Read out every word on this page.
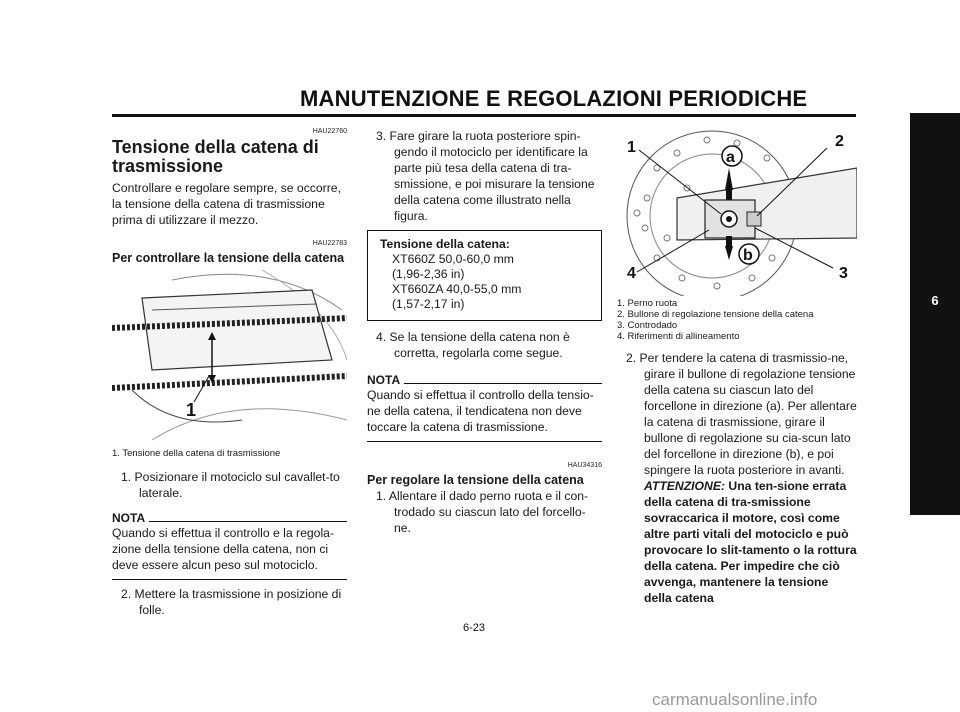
MANUTENZIONE E REGOLAZIONI PERIODICHE
6
HAU22760
Tensione della catena di trasmissione
Controllare e regolare sempre, se occorre, la tensione della catena di trasmissione prima di utilizzare il mezzo.
HAU22783
Per controllare la tensione della catena
1
1. Tensione della catena di trasmissione
1. Posizionare il motociclo sul cavallet-to laterale.
NOTA
Quando si effettua il controllo e la regola-zione della tensione della catena, non ci deve essere alcun peso sul motociclo.
2. Mettere la trasmissione in posizione di folle.
3. Fare girare la ruota posteriore spin-gendo il motociclo per identificare la parte più tesa della catena di tra-smissione, e poi misurare la tensione della catena come illustrato nella figura.
Tensione della catena:
XT660Z 50,0-60,0 mm
(1,96-2,36 in)
XT660ZA 40,0-55,0 mm
(1,57-2,17 in)
4. Se la tensione della catena non è corretta, regolarla come segue.
NOTA
Quando si effettua il controllo della tensio-ne della catena, il tendicatena non deve toccare la catena di trasmissione.
HAU34316
Per regolare la tensione della catena
1. Allentare il dado perno ruota e il con-trodado su ciascun lato del forcello-ne.
a
b
1	2
3
4
1. Perno ruota
2. Bullone di regolazione tensione della catena
3. Controdado
4. Riferimenti di allineamento
2. Per tendere la catena di trasmissio-ne, girare il bullone di regolazione tensione della catena su ciascun lato del forcellone in direzione (a). Per allentare la catena di trasmissione, girare il bullone di regolazione su cia-scun lato del forcellone in direzione (b), e poi spingere la ruota posteriore in avanti. ATTENZIONE: Una ten-sione errata della catena di tra-smissione sovraccarica il motore, così come altre parti vitali del motociclo e può provocare lo slit-tamento o la rottura della catena. Per impedire che ciò avvenga, mantenere la tensione della catena
6-23
carmanualsonline.info
